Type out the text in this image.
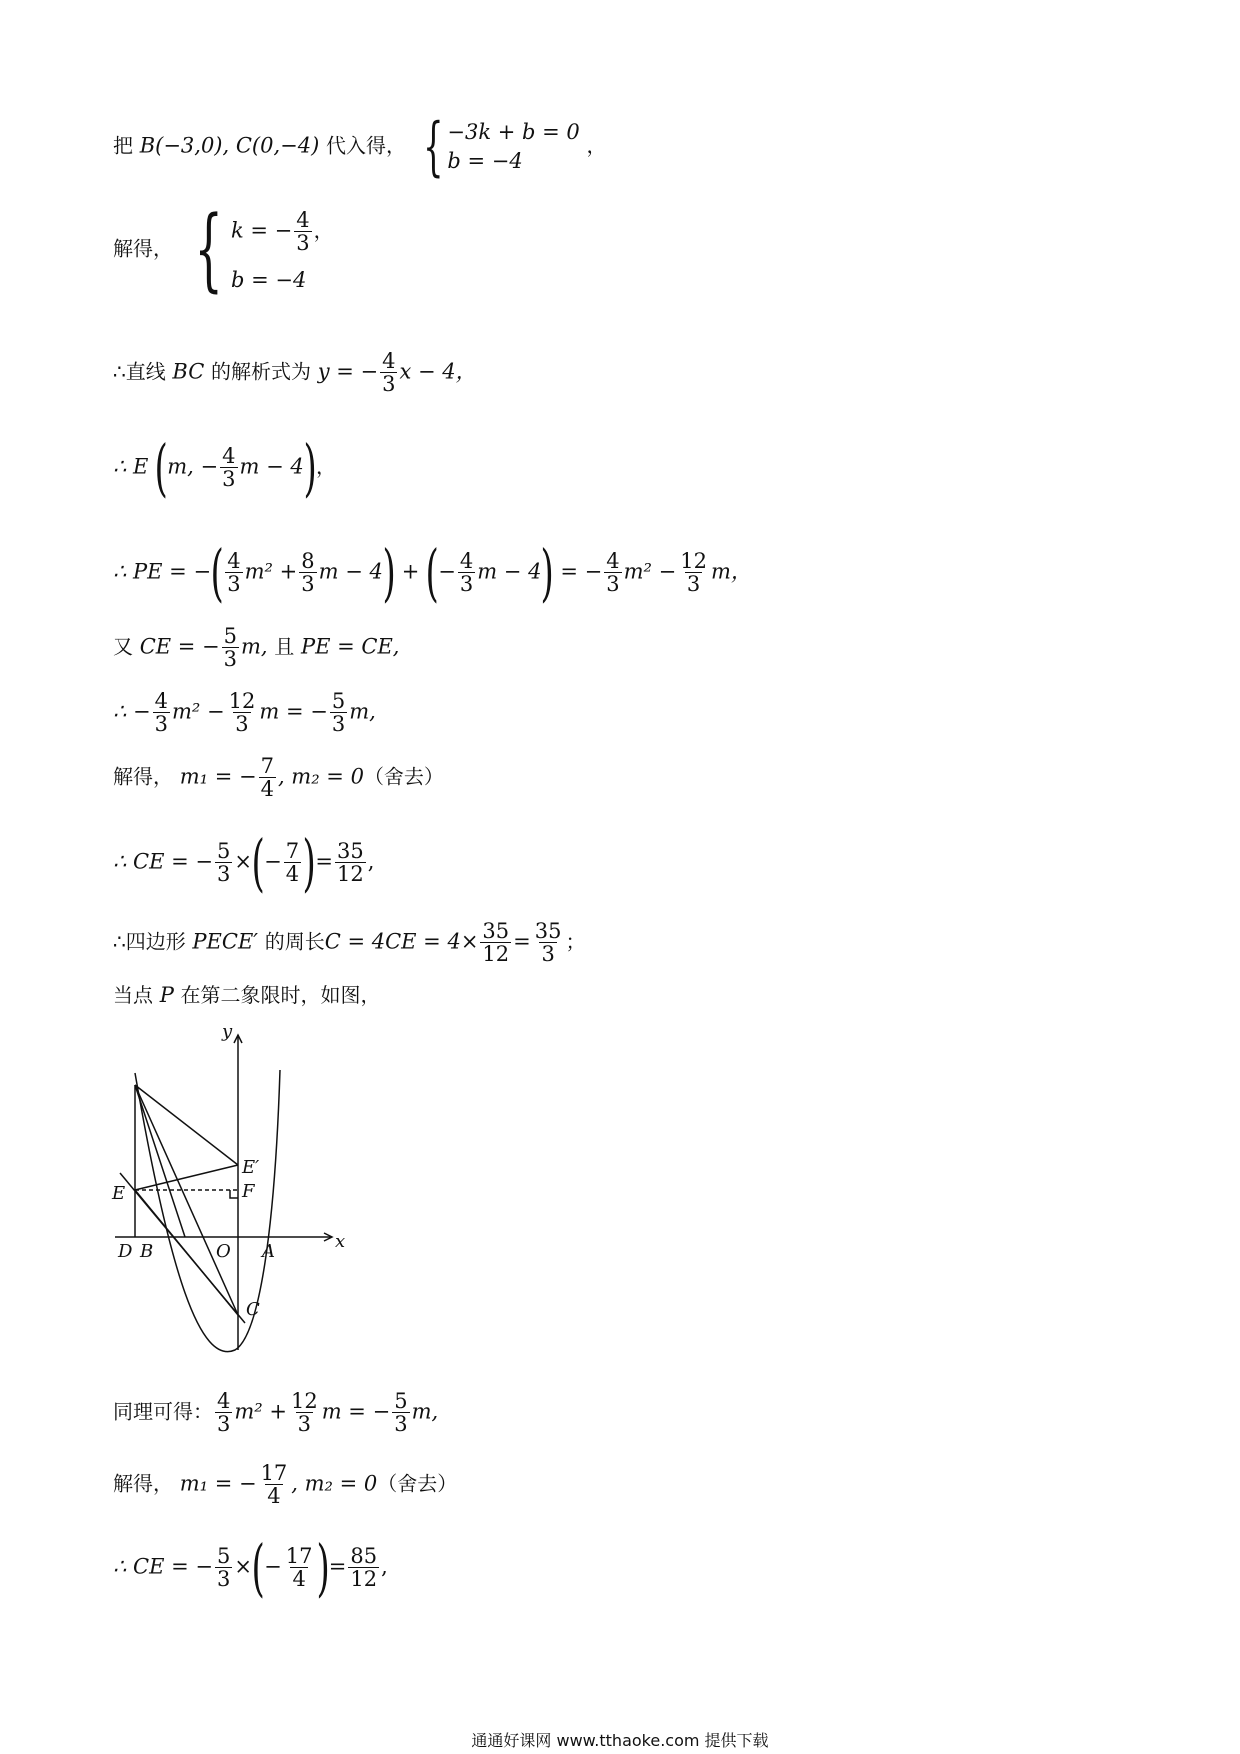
把 B(−3,0), C(0,−4) 代入得， { −3k + b = 0
b = −4
，
解得， { k = − $\frac{4}{3}$ ，
b = −4
∴直线 BC 的解析式为 y = − $\frac{4}{3}$ x − 4，
∴ E (m, − $\frac{4}{3}$ m − 4)，
∴ PE = −( $\frac{4}{3} m^2 + \frac{8}{3}$ m − 4) + (− $\frac{4}{3}$ m − 4) = − $\frac{4}{3} m^2 - \frac{12}{3}$ m，
又 CE = − $\frac{5}{3} m$, 且 PE = CE,
∴ − $\frac{4}{3} m^2 - \frac{12}{3}$ m = − $\frac{5}{3} m$,
解得， m₁ = − $\frac{7}{4}$ , m₂ = 0（舍去）
∴ CE = − $\frac{5}{3}$ ×(− $\frac{7}{4}$ )= $\frac{35}{12}$ ,
∴四边形 PECE′ 的周长$C = 4CE = 4\times \frac{35}{12} = \frac{35}{3}$ ；
当点 P 在第二象限时，如图，
y
x
E′
F
E
D B	O A
C
同理可得： $\frac{4}{3} m^2 + \frac{12}{3}$ m = − $\frac{5}{3} m$,
解得， m₁ = − $\frac{17}{4}$ , m₂ = 0（舍去）
∴ CE = − $\frac{5}{3}$ ×(− $\frac{17}{4}$ )= $\frac{85}{12}$ ,
通通好课网 www.tthaoke.com 提供下载
